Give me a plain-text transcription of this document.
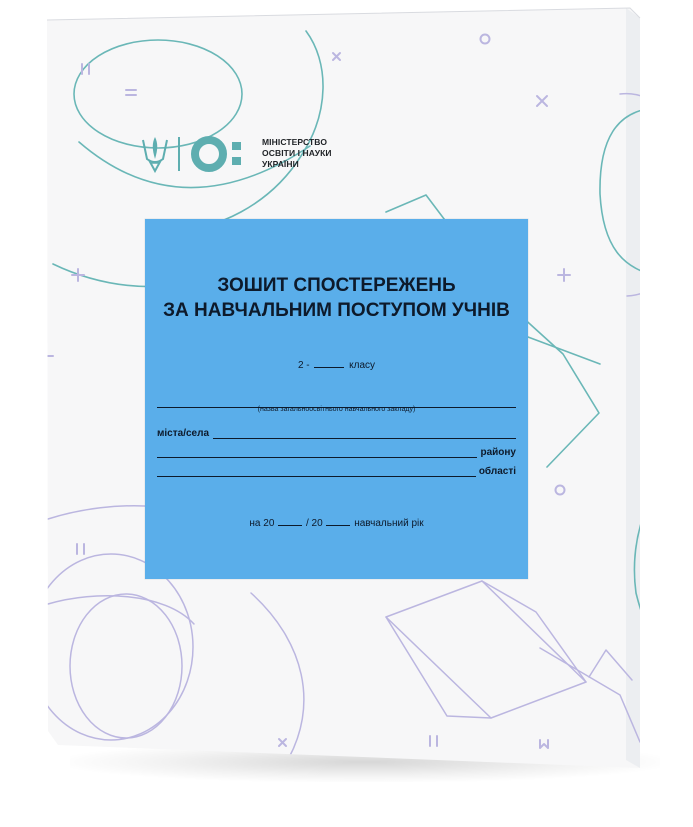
МІНІСТЕРСТВО
ОСВІТИ І НАУКИ
УКРАЇНИ
ЗОШИТ СПОСТЕРЕЖЕНЬ
ЗА НАВЧАЛЬНИМ ПОСТУПОМ УЧНІВ
2 -	класу
(назва загальноосвітнього навчального закладу)
міста/села
району
області
на 20	/ 20	навчальний рік
